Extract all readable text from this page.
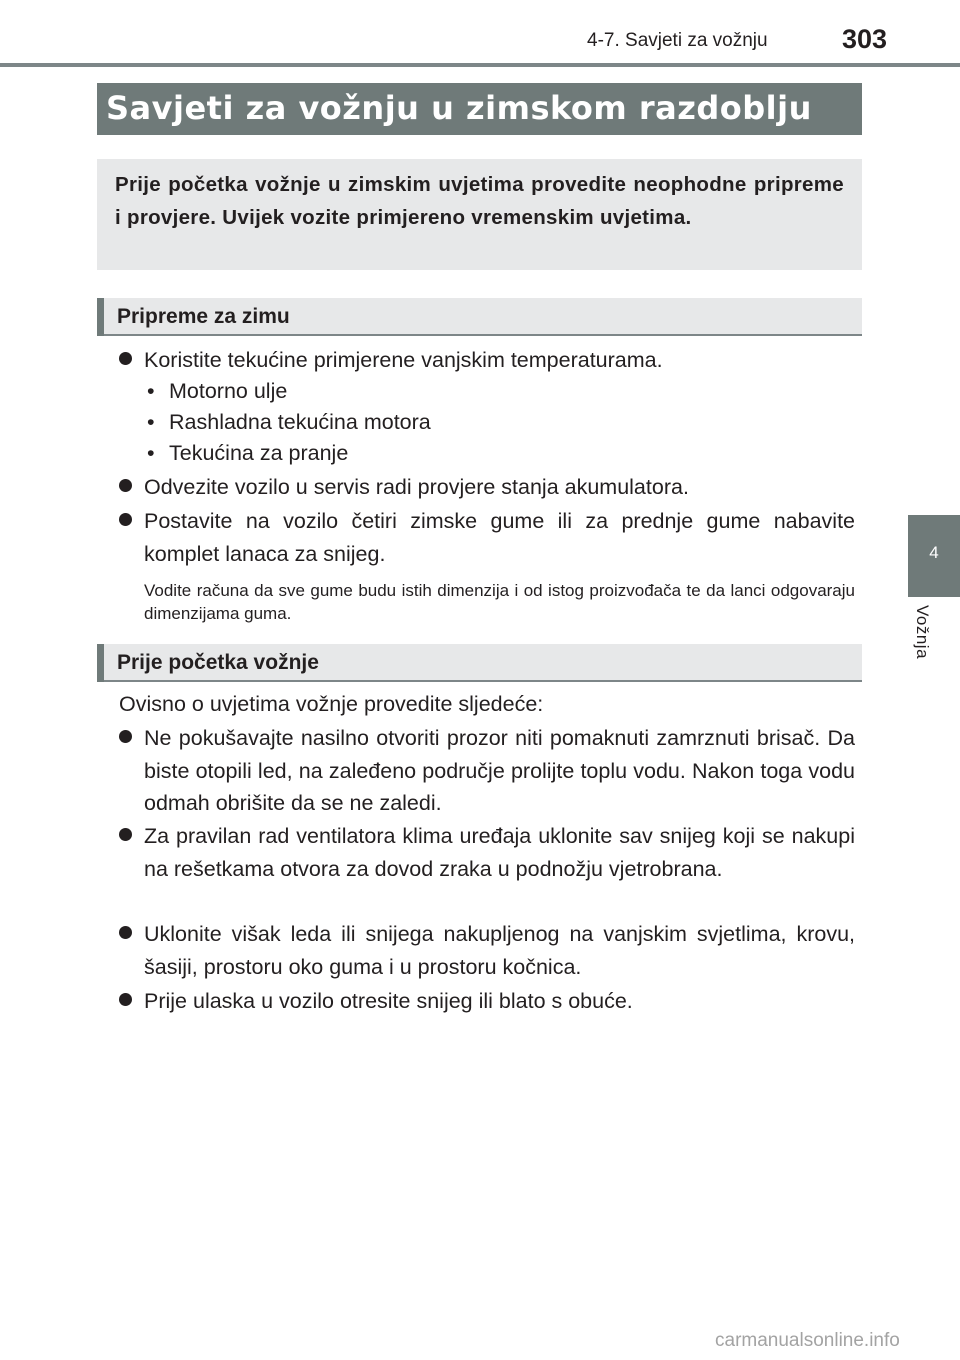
4-7. Savjeti za vožnju	303
4
Vožnja
Savjeti za vožnju u zimskom razdoblju

Prije početka vožnje u zimskim uvjetima provedite neophodne pripreme i provjere. Uvijek vozite primjereno vremenskim uvjetima.

Pripreme za zimu
Koristite tekućine primjerene vanjskim temperaturama.
• Motorno ulje
• Rashladna tekućina motora
• Tekućina za pranje
Odvezite vozilo u servis radi provjere stanja akumulatora.
Postavite na vozilo četiri zimske gume ili za prednje gume nabavite komplet lanaca za snijeg.
Vodite računa da sve gume budu istih dimenzija i od istog proizvođača te da lanci odgovaraju dimenzijama guma.
Prije početka vožnje
Ovisno o uvjetima vožnje provedite sljedeće:
Ne pokušavajte nasilno otvoriti prozor niti pomaknuti zamrznuti brisač. Da biste otopili led, na zaleđeno područje prolijte toplu vodu. Nakon toga vodu odmah obrišite da se ne zaledi.
Za pravilan rad ventilatora klima uređaja uklonite sav snijeg koji se nakupi na rešetkama otvora za dovod zraka u podnožju vjetrobrana.
Uklonite višak leda ili snijega nakupljenog na vanjskim svjetlima, krovu, šasiji, prostoru oko guma i u prostoru kočnica.
Prije ulaska u vozilo otresite snijeg ili blato s obuće.
carmanualsonline.info
